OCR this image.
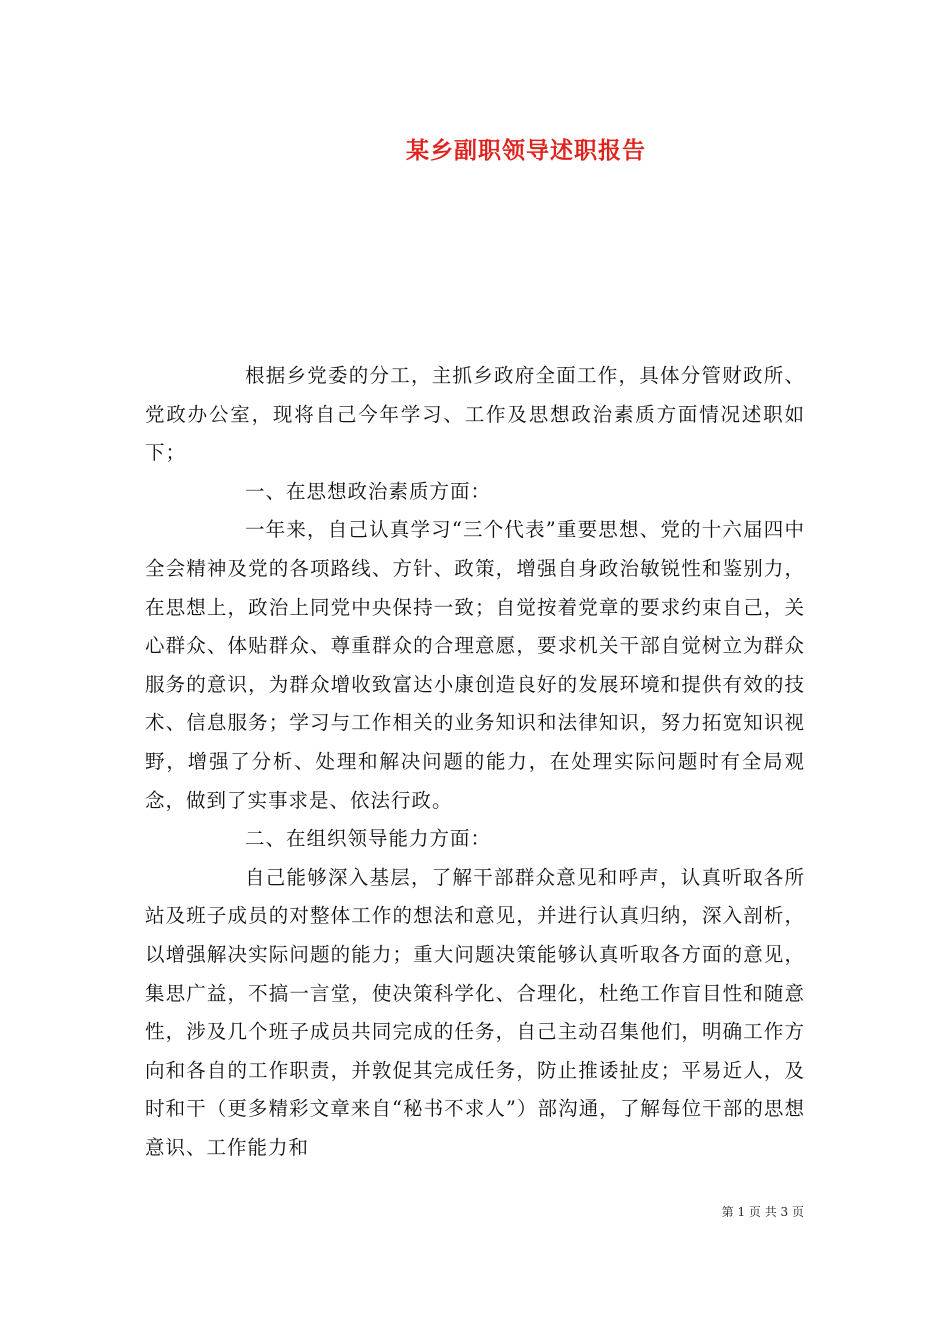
某乡副职领导述职报告

根据乡党委的分工，主抓乡政府全面工作，具体分管财政所、党政办公室，现将自己今年学习、工作及思想政治素质方面情况述职如下；

一、在思想政治素质方面：

一年来，自己认真学习“三个代表”重要思想、党的十六届四中全会精神及党的各项路线、方针、政策，增强自身政治敏锐性和鉴别力，在思想上，政治上同党中央保持一致；自觉按着党章的要求约束自己，关心群众、体贴群众、尊重群众的合理意愿，要求机关干部自觉树立为群众服务的意识，为群众增收致富达小康创造良好的发展环境和提供有效的技术、信息服务；学习与工作相关的业务知识和法律知识，努力拓宽知识视野，增强了分析、处理和解决问题的能力，在处理实际问题时有全局观念，做到了实事求是、依法行政。

二、在组织领导能力方面：

自己能够深入基层，了解干部群众意见和呼声，认真听取各所站及班子成员的对整体工作的想法和意见，并进行认真归纳，深入剖析，以增强解决实际问题的能力；重大问题决策能够认真听取各方面的意见，集思广益，不搞一言堂，使决策科学化、合理化，杜绝工作盲目性和随意性，涉及几个班子成员共同完成的任务，自己主动召集他们，明确工作方向和各自的工作职责，并敦促其完成任务，防止推诿扯皮；平易近人，及时和干（更多精彩文章来自“秘书不求人”）部沟通，了解每位干部的思想意识、工作能力和

第 1 页 共 3 页
